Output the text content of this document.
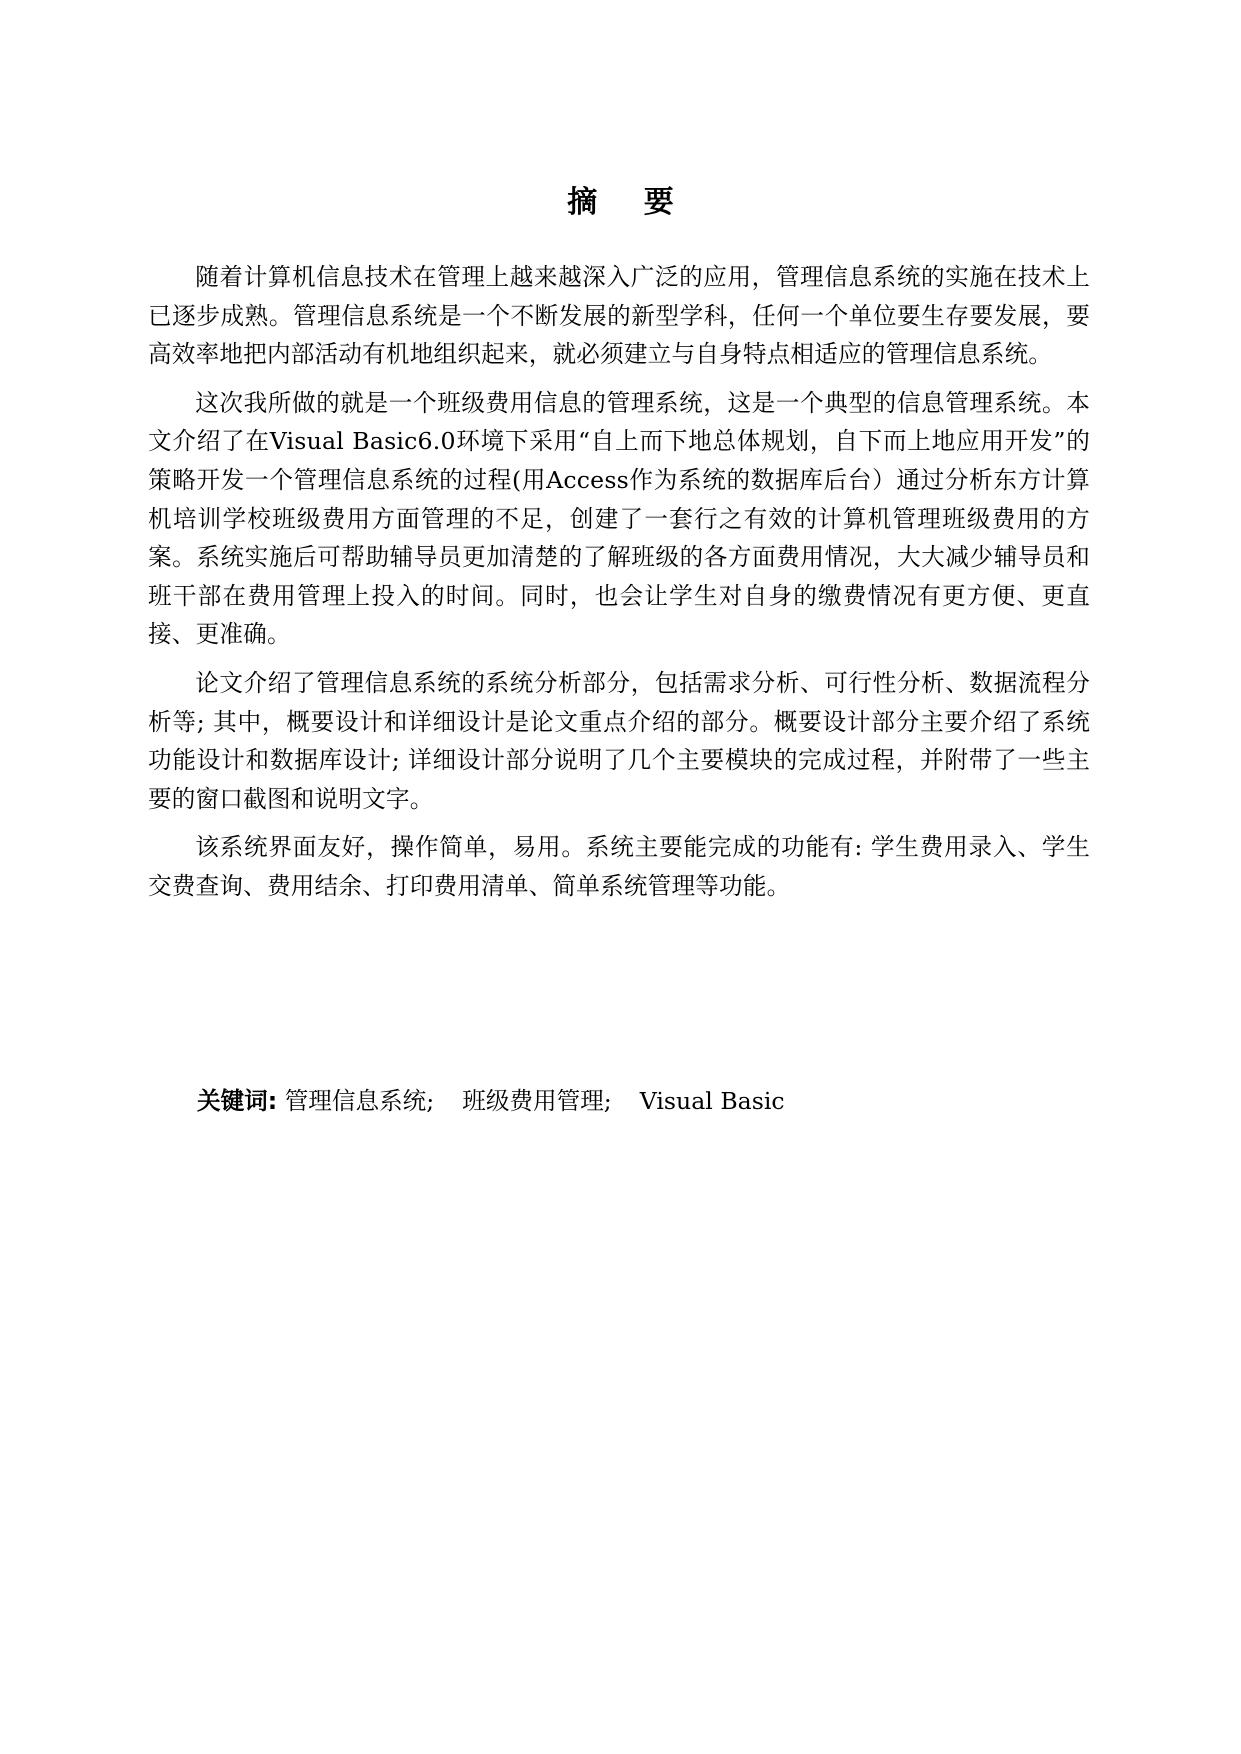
摘 要

随着计算机信息技术在管理上越来越深入广泛的应用，管理信息系统的实施在技术上已逐步成熟。管理信息系统是一个不断发展的新型学科，任何一个单位要生存要发展，要高效率地把内部活动有机地组织起来，就必须建立与自身特点相适应的管理信息系统。

这次我所做的就是一个班级费用信息的管理系统，这是一个典型的信息管理系统。本文介绍了在Visual Basic6.0环境下采用“自上而下地总体规划，自下而上地应用开发”的策略开发一个管理信息系统的过程(用Access作为系统的数据库后台）通过分析东方计算机培训学校班级费用方面管理的不足，创建了一套行之有效的计算机管理班级费用的方案。系统实施后可帮助辅导员更加清楚的了解班级的各方面费用情况，大大减少辅导员和班干部在费用管理上投入的时间。同时，也会让学生对自身的缴费情况有更方便、更直接、更准确。

论文介绍了管理信息系统的系统分析部分，包括需求分析、可行性分析、数据流程分析等; 其中，概要设计和详细设计是论文重点介绍的部分。概要设计部分主要介绍了系统功能设计和数据库设计; 详细设计部分说明了几个主要模块的完成过程，并附带了一些主要的窗口截图和说明文字。

该系统界面友好，操作简单，易用。系统主要能完成的功能有: 学生费用录入、学生交费查询、费用结余、打印费用清单、简单系统管理等功能。

关键词: 管理信息系统; 班级费用管理; Visual Basic
